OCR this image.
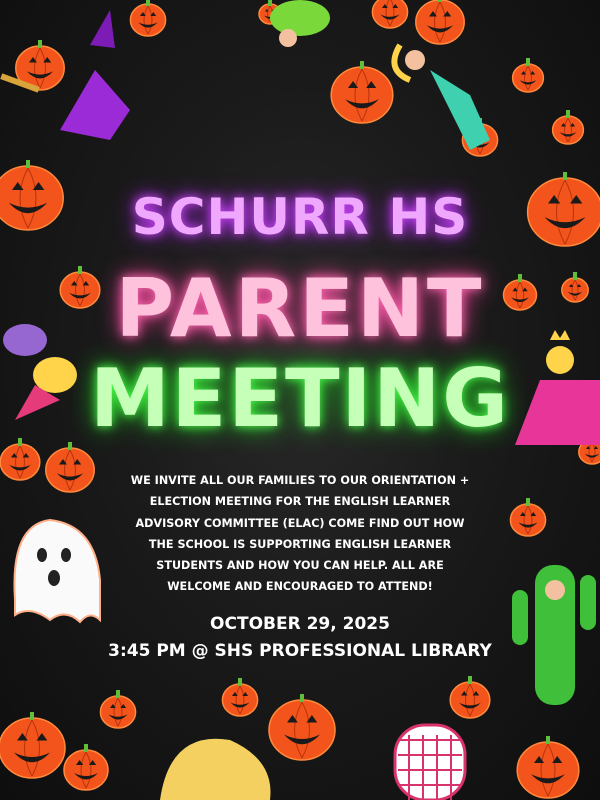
SCHURR HS
PARENT
MEETING
WE INVITE ALL OUR FAMILIES TO OUR ORIENTATION + ELECTION MEETING FOR THE ENGLISH LEARNER ADVISORY COMMITTEE (ELAC) COME FIND OUT HOW THE SCHOOL IS SUPPORTING ENGLISH LEARNER STUDENTS AND HOW YOU CAN HELP. ALL ARE WELCOME AND ENCOURAGED TO ATTEND!
OCTOBER 29, 2025
3:45 PM @ SHS PROFESSIONAL LIBRARY
